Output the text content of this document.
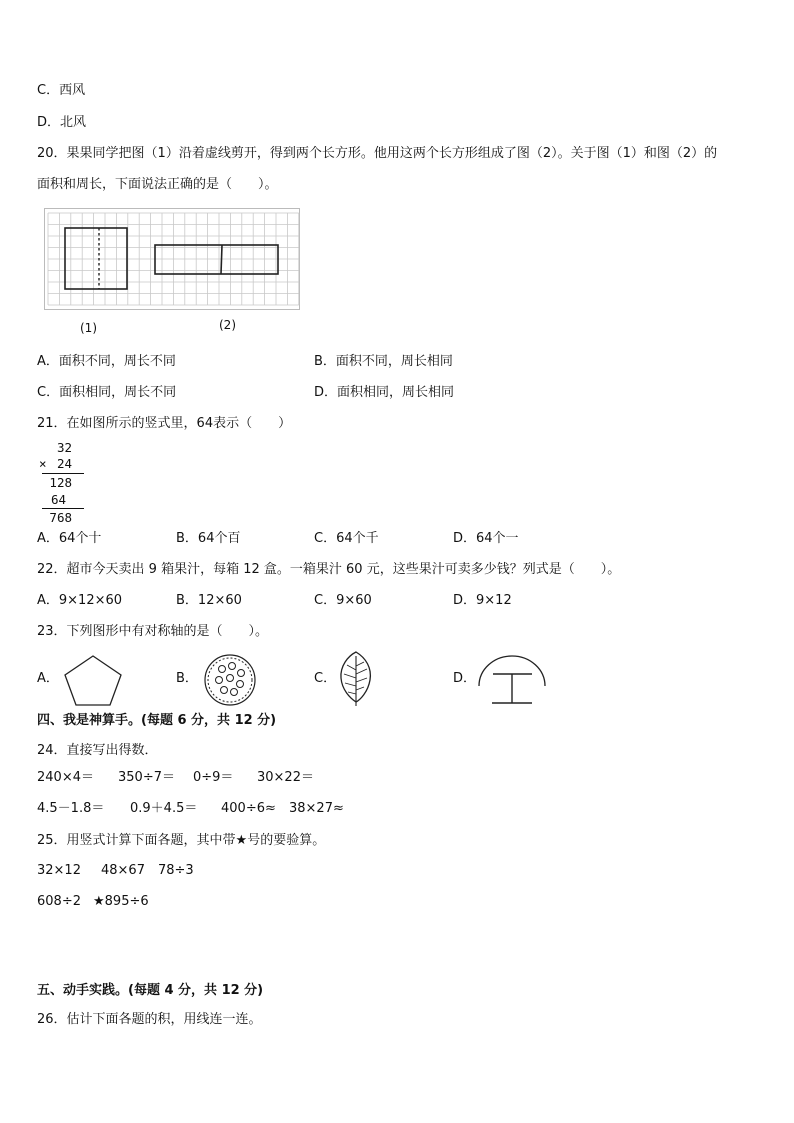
C．西风
D．北风
20．果果同学把图（1）沿着虚线剪开，得到两个长方形。他用这两个长方形组成了图（2）。关于图（1）和图（2）的
面积和周长，下面说法正确的是（　　）。
(1)	(2)
A．面积不同，周长不同	B．面积不同，周长相同
C．面积相同，周长不同	D．面积相同，周长相同
21．在如图所示的竖式里，64表示（　　）
32
× 24
128
64
768
A．64个十	B．64个百	C．64个千	D．64个一
22．超市今天卖出 9 箱果汁，每箱 12 盒。一箱果汁 60 元，这些果汁可卖多少钱？列式是（　　）。
A．9×12×60	B．12×60	C．9×60	D．9×12
23．下列图形中有对称轴的是（　　）。
A．	B．	C．	D．
四、我是神算手。(每题 6 分，共 12 分)
24．直接写出得数．
240×4＝ 350÷7＝ 0÷9＝ 30×22＝
4.5－1.8＝ 0.9＋4.5＝ 400÷6≈ 38×27≈
25．用竖式计算下面各题，其中带★号的要验算。
32×12 48×67 78÷3
608÷2 ★895÷6
五、动手实践。(每题 4 分，共 12 分)
26．估计下面各题的积，用线连一连。
